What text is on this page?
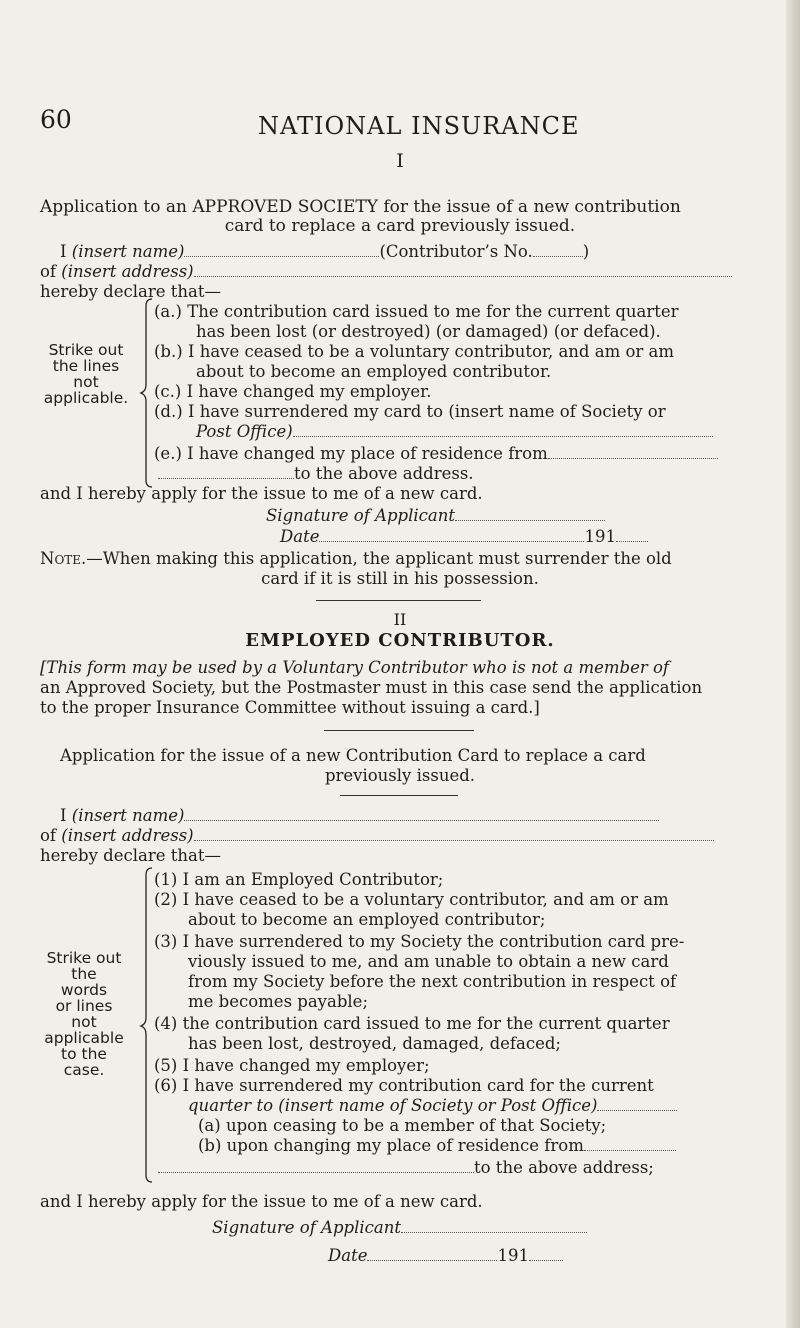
60	NATIONAL INSURANCE
I
Application to an APPROVED SOCIETY for the issue of a new contribution
card to replace a card previously issued.
I (insert name)	(Contributor’s No.	)
of (insert address)
hereby declare that—
Strike out
the lines
not
applicable.
(a.) The contribution card issued to me for the current quarter
has been lost (or destroyed) (or damaged) (or defaced).
(b.) I have ceased to be a voluntary contributor, and am or am
about to become an employed contributor.
(c.) I have changed my employer.
(d.) I have surrendered my card to (insert name of Society or
Post Office)
(e.) I have changed my place of residence from
to the above address.
and I hereby apply for the issue to me of a new card.
Signature of Applicant
Date	191
Note.—When making this application, the applicant must surrender the old
card if it is still in his possession.
II
EMPLOYED CONTRIBUTOR.
[This form may be used by a Voluntary Contributor who is not a member of
an Approved Society, but the Postmaster must in this case send the application
to the proper Insurance Committee without issuing a card.]
Application for the issue of a new Contribution Card to replace a card
previously issued.
I (insert name)
of (insert address)
hereby declare that—
Strike out
the
words
or lines
not
applicable
to the
case.
(1) I am an Employed Contributor;
(2) I have ceased to be a voluntary contributor, and am or am
about to become an employed contributor;
(3) I have surrendered to my Society the contribution card pre-
viously issued to me, and am unable to obtain a new card
from my Society before the next contribution in respect of
me becomes payable;
(4) the contribution card issued to me for the current quarter
has been lost, destroyed, damaged, defaced;
(5) I have changed my employer;
(6) I have surrendered my contribution card for the current
quarter to (insert name of Society or Post Office)
(a) upon ceasing to be a member of that Society;
(b) upon changing my place of residence from
to the above address;
and I hereby apply for the issue to me of a new card.
Signature of Applicant
Date	191
